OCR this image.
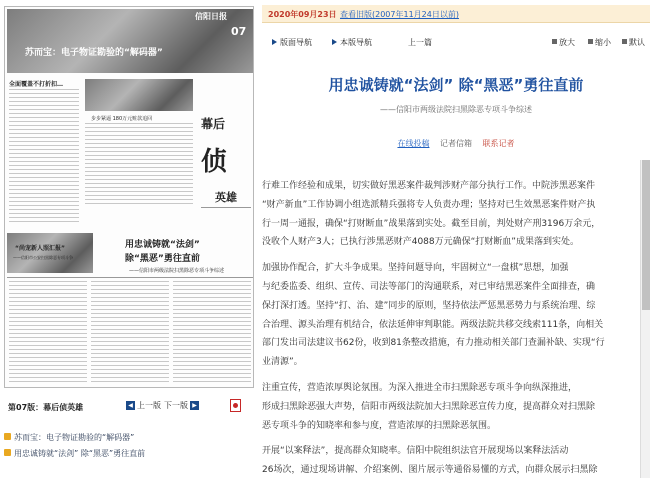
苏而宝：电子物证勘验的“解码器”
信阳日报
07
全面覆盖不打折扣…
步步紧逼 180万元赃款追回	幕后
侦
英雄
用忠诚铸就“法剑”
除“黑恶”勇往直前
——信阳市两级法院扫黑除恶专项斗争综述
“尚宠新人照汇报”
——信阳市公安扫黑除恶专项斗争
第07版：幕后侦英雄	◀ 上一版 下一版 ▶
苏而宝：电子物证勘验的“解码器”
用忠诚铸就“法剑” 除“黑恶”勇往直前
2020年09月23日 查看旧版(2007年11月24日以前)
版面导航	本版导航	上一篇	放大	缩小	默认
用忠诚铸就“法剑” 除“黑恶”勇往直前
——信阳市两级法院扫黑除恶专项斗争综述
在线投稿 记者信箱 联系记者
行难工作经验和成果，切实做好黑恶案件裁判涉财产部分执行工作。中院涉黑恶案件
“财产新血”工作协调小组选派精兵强将专人负责办理；坚持对已生效黑恶案件财产执
行一周一通报，确保“打财断血”战果落到实处。截至目前，判处财产刑3196万余元，
没收个人财产3人；已执行涉黑恶财产4088万元确保“打财断血”成果落到实处。
加强协作配合，扩大斗争成果。坚持问题导向，牢固树立“一盘棋”思想，加强
与纪委监委、组织、宣传、司法等部门的沟通联系，对已审结黑恶案件全面排查，确
保打深打透。坚持“打、治、建”同步的原则，坚持依法严惩黑恶势力与系统治理、综
合治理、源头治理有机结合，依法延伸审判职能。两级法院共移交线索111条，向相关
部门发出司法建议书62份，收到81条整改措施，有力推动相关部门查漏补缺、实现“行
业清源”。
注重宣传，营造浓厚舆论氛围。为深入推进全市扫黑除恶专项斗争向纵深推进，
形成扫黑除恶强大声势，信阳市两级法院加大扫黑除恶宣传力度，提高群众对扫黑除
恶专项斗争的知晓率和参与度，营造浓厚的扫黑除恶氛围。
开展“以案释法”，提高群众知晓率。信阳中院组织法官开展现场以案释法活动
26场次，通过现场讲解、介绍案例、图片展示等通俗易懂的方式，向群众展示扫黑除
